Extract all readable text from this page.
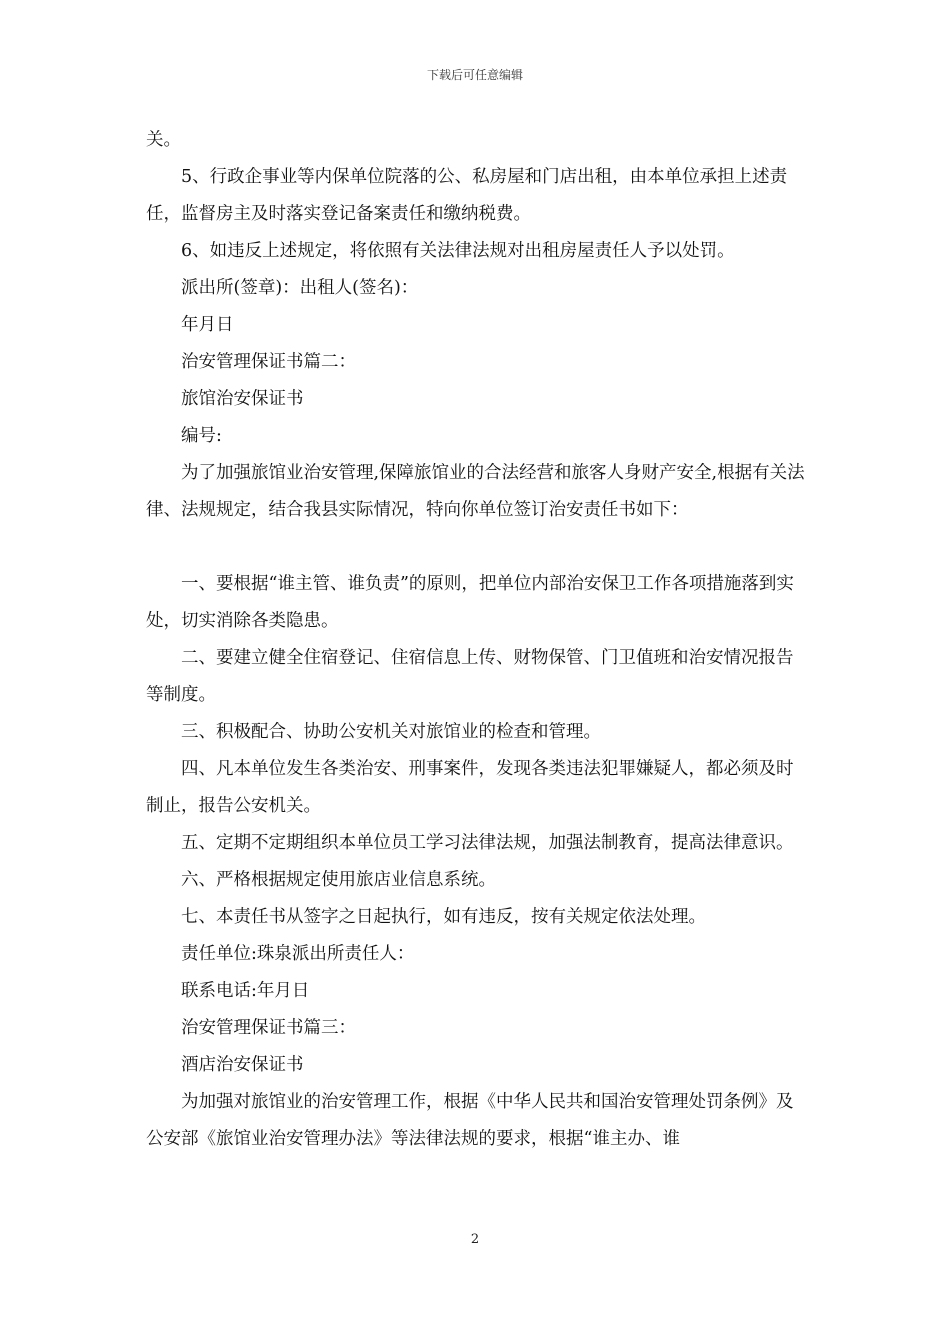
下载后可任意编辑

关。

5、行政企事业等内保单位院落的公、私房屋和门店出租，由本单位承担上述责任，监督房主及时落实登记备案责任和缴纳税费。

6、如违反上述规定，将依照有关法律法规对出租房屋责任人予以处罚。

派出所(签章)：出租人(签名)：

年月日

治安管理保证书篇二：

旅馆治安保证书

编号:

为了加强旅馆业治安管理,保障旅馆业的合法经营和旅客人身财产安全,根据有关法律、法规规定，结合我县实际情况，特向你单位签订治安责任书如下：

一、要根据“谁主管、谁负责”的原则，把单位内部治安保卫工作各项措施落到实处，切实消除各类隐患。

二、要建立健全住宿登记、住宿信息上传、财物保管、门卫值班和治安情况报告等制度。

三、积极配合、协助公安机关对旅馆业的检查和管理。

四、凡本单位发生各类治安、刑事案件，发现各类违法犯罪嫌疑人，都必须及时制止，报告公安机关。

五、定期不定期组织本单位员工学习法律法规，加强法制教育，提高法律意识。

六、严格根据规定使用旅店业信息系统。

七、本责任书从签字之日起执行，如有违反，按有关规定依法处理。

责任单位:珠泉派出所责任人：

联系电话:年月日

治安管理保证书篇三：

酒店治安保证书

为加强对旅馆业的治安管理工作，根据《中华人民共和国治安管理处罚条例》及公安部《旅馆业治安管理办法》等法律法规的要求，根据“谁主办、谁

2
